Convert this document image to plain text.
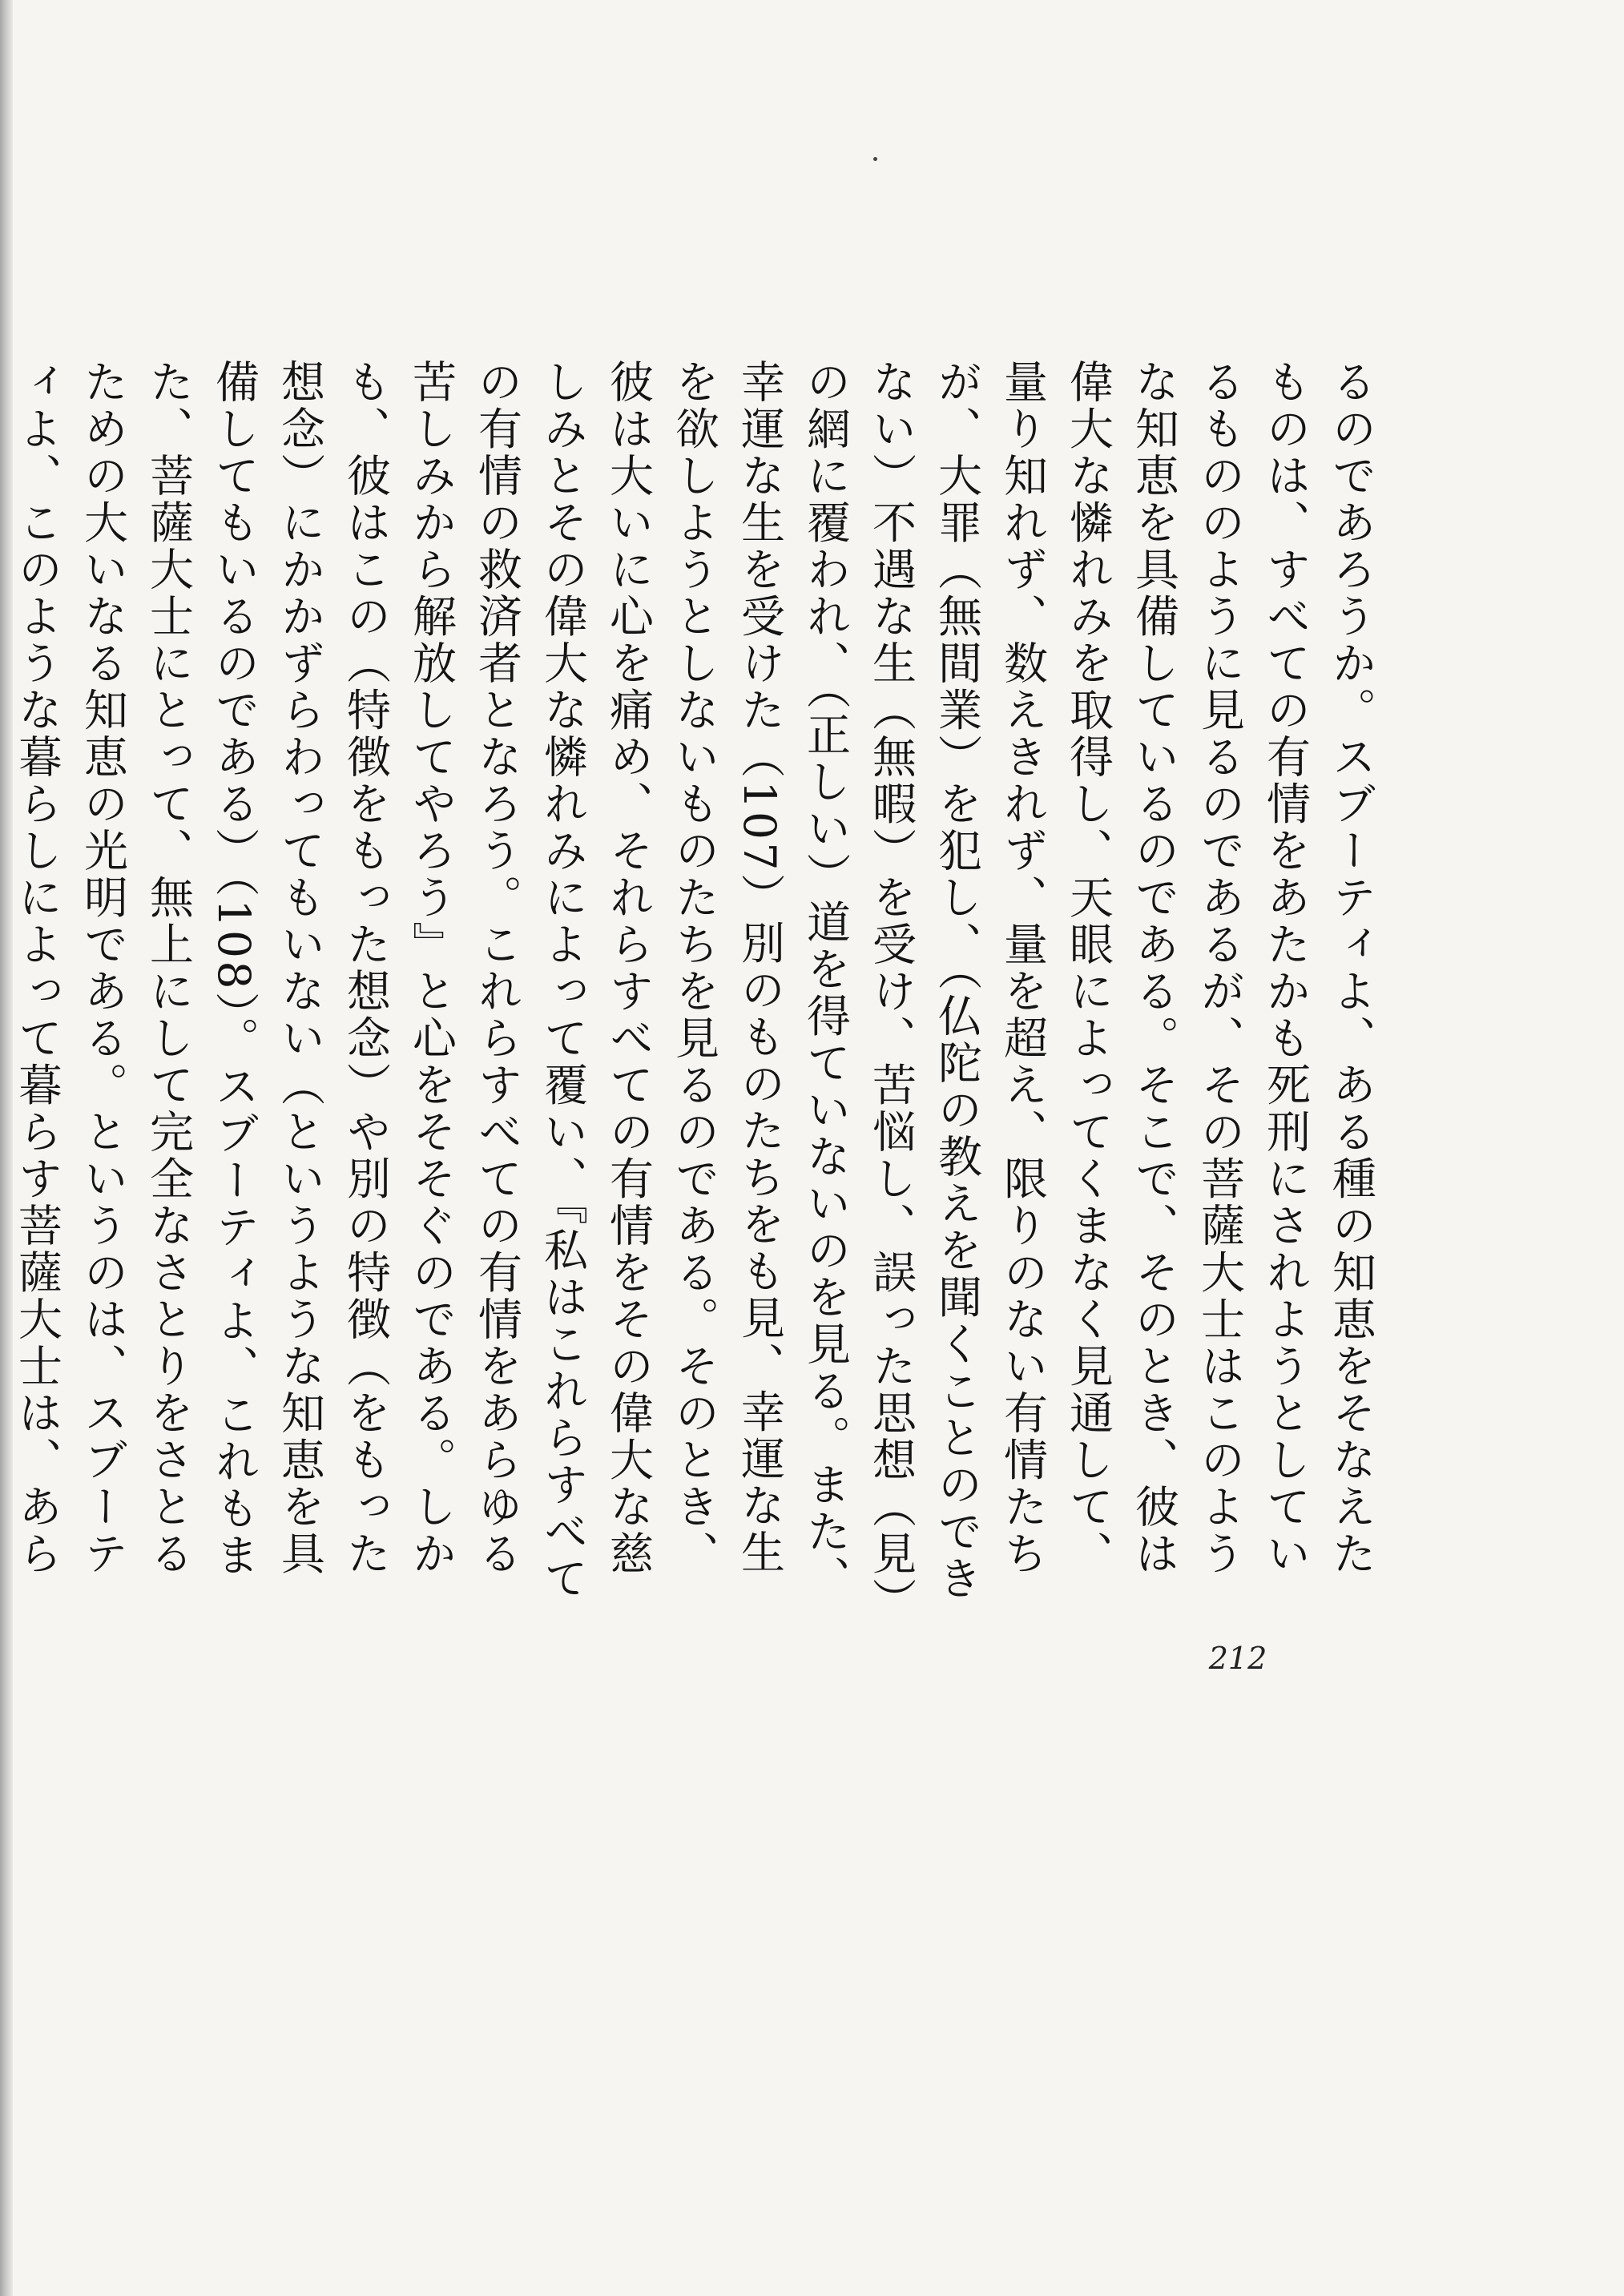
るのであろうか。スブーティよ、ある種の知恵をそなえたものは、すべての有情をあたかも死刑にされようとしているもののように見るのであるが、その菩薩大士はこのような知恵を具備しているのである。そこで、そのとき、彼は偉大な憐れみを取得し、天眼によってくまなく見通して、量り知れず、数えきれず、量を超え、限りのない有情たちが、大罪（無間業）を犯し、（仏陀の教えを聞くことのできない）不遇な生（無暇）を受け、苦悩し、誤った思想（見）の網に覆われ、（正しい）道を得ていないのを見る。また、幸運な生を受けた（107）別のものたちをも見、幸運な生を欲しようとしないものたちを見るのである。そのとき、彼は大いに心を痛め、それらすべての有情をその偉大な慈しみとその偉大な憐れみによって覆い、『私はこれらすべての有情の救済者となろう。これらすべての有情をあらゆる苦しみから解放してやろう』と心をそそぐのである。しかも、彼はこの（特徴をもった想念）や別の特徴（をもった想念）にかかずらわってもいない（というような知恵を具備してもいるのである）（108）。スブーティよ、これもまた、菩薩大士にとって、無上にして完全なさとりをさとるための大いなる知恵の光明である。というのは、スブーティよ、このような暮らしによって暮らす菩薩大士は、あら

212
